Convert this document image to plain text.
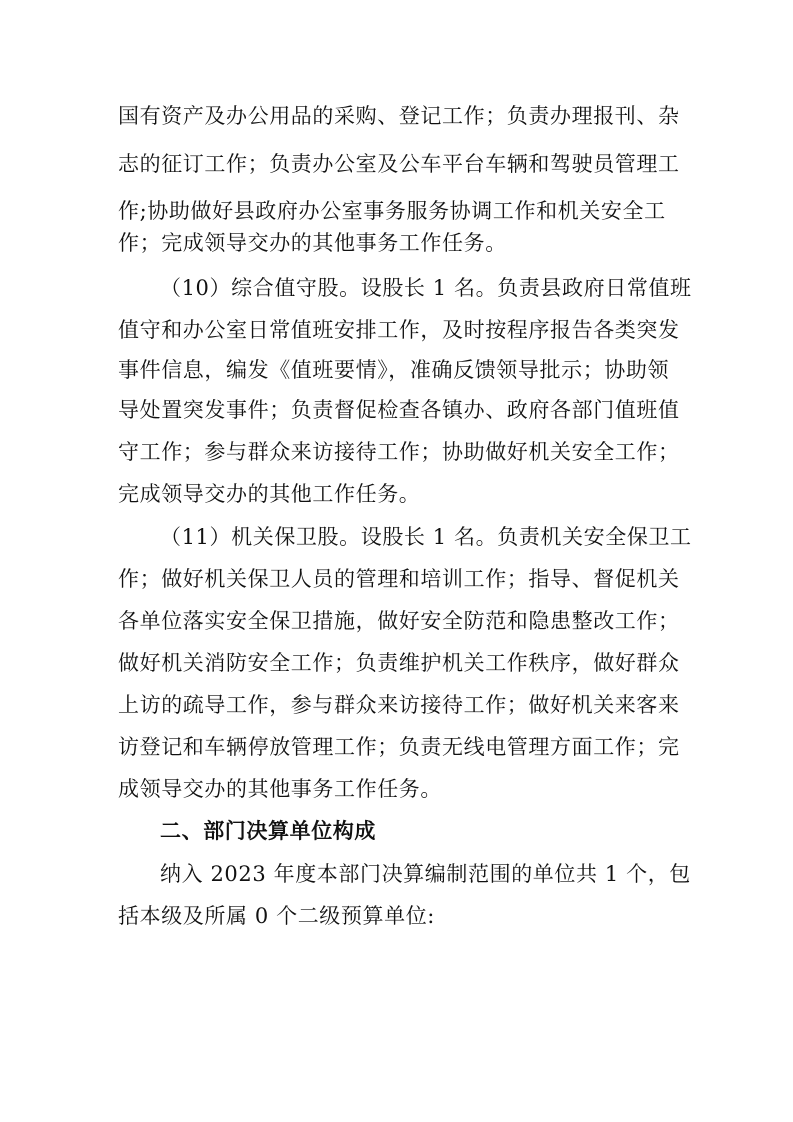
国有资产及办公用品的采购、登记工作；负责办理报刊、杂
志的征订工作；负责办公室及公车平台车辆和驾驶员管理工
作;协助做好县政府办公室事务服务协调工作和机关安全工
作；完成领导交办的其他事务工作任务。
（10）综合值守股。设股长 1 名。负责县政府日常值班
值守和办公室日常值班安排工作，及时按程序报告各类突发
事件信息，编发《值班要情》，准确反馈领导批示；协助领
导处置突发事件；负责督促检查各镇办、政府各部门值班值
守工作；参与群众来访接待工作；协助做好机关安全工作；
完成领导交办的其他工作任务。
（11）机关保卫股。设股长 1 名。负责机关安全保卫工
作；做好机关保卫人员的管理和培训工作；指导、督促机关
各单位落实安全保卫措施，做好安全防范和隐患整改工作；
做好机关消防安全工作；负责维护机关工作秩序，做好群众
上访的疏导工作，参与群众来访接待工作；做好机关来客来
访登记和车辆停放管理工作；负责无线电管理方面工作；完
成领导交办的其他事务工作任务。
二、部门决算单位构成
纳入 2023 年度本部门决算编制范围的单位共 1 个，包
括本级及所属 0 个二级预算单位:
